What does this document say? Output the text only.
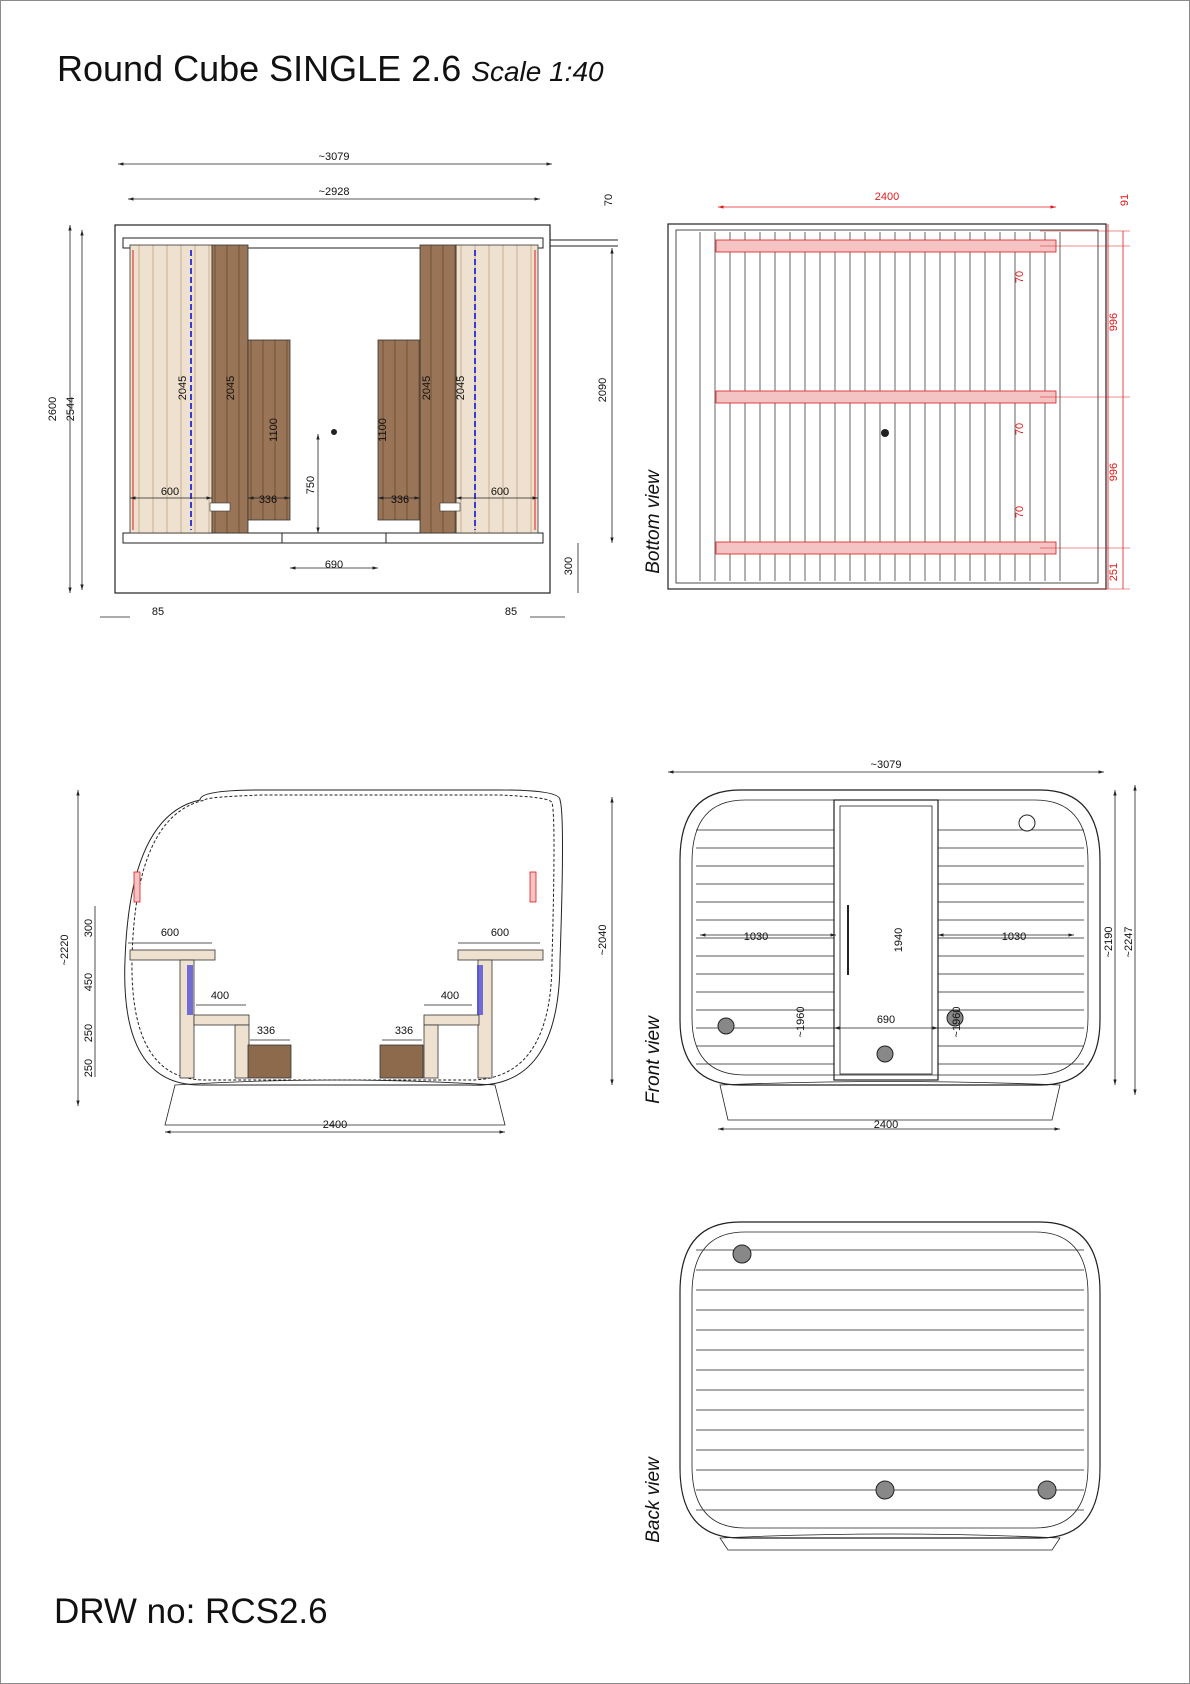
Round Cube SINGLE 2.6 Scale 1:40
~3079
~2928
70
2600 2544
2090
2045	2045	2045 2045
1100	1100
600	600
336	336
750
690	300
85	85
2400	91
996
996
70
70
70
251
Bottom view
~2220	~2040
300
450
250
250
600	600
400	400
336	336
2400
~3079
1030	1030
1940
~1960	~1960
690
~2190 ~2247
2400
Front view
Back view
DRW no: RCS2.6
